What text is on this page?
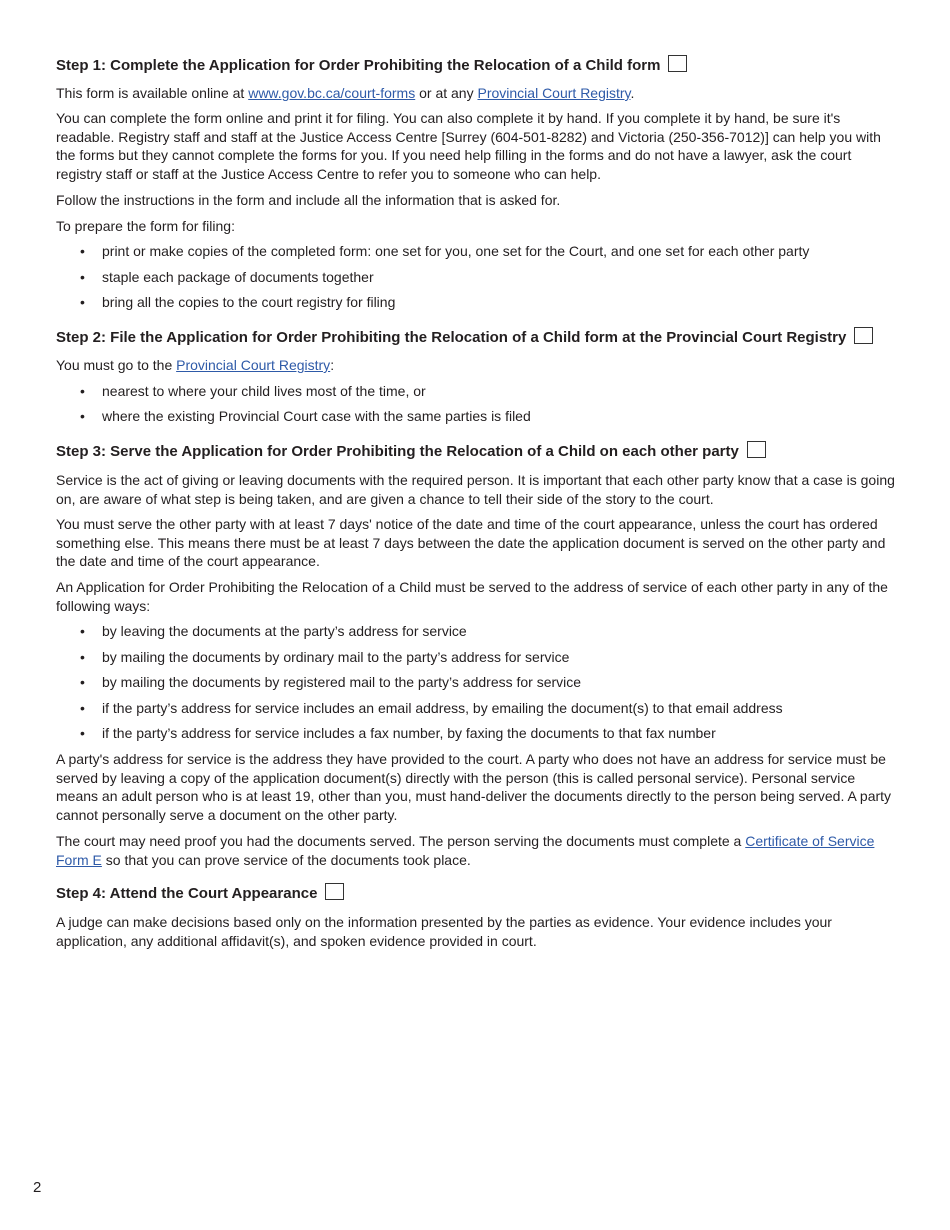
Step 1: Complete the Application for Order Prohibiting the Relocation of a Child form
This form is available online at www.gov.bc.ca/court-forms or at any Provincial Court Registry.
You can complete the form online and print it for filing. You can also complete it by hand. If you complete it by hand, be sure it's readable. Registry staff and staff at the Justice Access Centre [Surrey (604-501-8282) and Victoria (250-356-7012)] can help you with the forms but they cannot complete the forms for you. If you need help filling in the forms and do not have a lawyer, ask the court registry staff or staff at the Justice Access Centre to refer you to someone who can help.
Follow the instructions in the form and include all the information that is asked for.
To prepare the form for filing:
• print or make copies of the completed form: one set for you, one set for the Court, and one set for each other party
• staple each package of documents together
• bring all the copies to the court registry for filing
Step 2: File the Application for Order Prohibiting the Relocation of a Child form at the Provincial Court Registry
You must go to the Provincial Court Registry:
• nearest to where your child lives most of the time, or
• where the existing Provincial Court case with the same parties is filed
Step 3: Serve the Application for Order Prohibiting the Relocation of a Child on each other party
Service is the act of giving or leaving documents with the required person. It is important that each other party know that a case is going on, are aware of what step is being taken, and are given a chance to tell their side of the story to the court.
You must serve the other party with at least 7 days' notice of the date and time of the court appearance, unless the court has ordered something else. This means there must be at least 7 days between the date the application document is served on the other party and the date and time of the court appearance.
An Application for Order Prohibiting the Relocation of a Child must be served to the address of service of each other party in any of the following ways:
• by leaving the documents at the party’s address for service
• by mailing the documents by ordinary mail to the party’s address for service
• by mailing the documents by registered mail to the party’s address for service
• if the party’s address for service includes an email address, by emailing the document(s) to that email address
• if the party’s address for service includes a fax number, by faxing the documents to that fax number
A party's address for service is the address they have provided to the court. A party who does not have an address for service must be served by leaving a copy of the application document(s) directly with the person (this is called personal service). Personal service means an adult person who is at least 19, other than you, must hand-deliver the documents directly to the person being served. A party cannot personally serve a document on the other party.
The court may need proof you had the documents served. The person serving the documents must complete a Certificate of Service Form E so that you can prove service of the documents took place.
Step 4: Attend the Court Appearance
A judge can make decisions based only on the information presented by the parties as evidence. Your evidence includes your application, any additional affidavit(s), and spoken evidence provided in court.
2
